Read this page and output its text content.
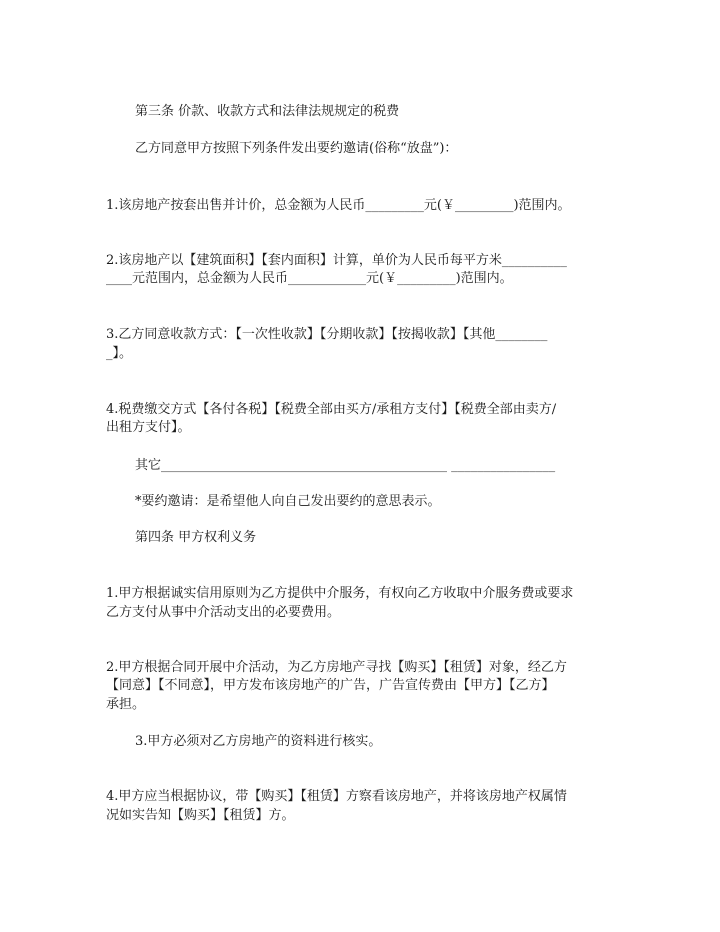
第三条 价款、收款方式和法律法规规定的税费

乙方同意甲方按照下列条件发出要约邀请(俗称“放盘”)：

1.该房地产按套出售并计价，总金额为人民币_________元(￥_________)范围内。

2.该房地产以【建筑面积】【套内面积】计算，单价为人民币每平方米__________

____元范围内，总金额为人民币____________元(￥_________)范围内。

3.乙方同意收款方式：【一次性收款】【分期收款】【按揭收款】【其他________

_】。

4.税费缴交方式【各付各税】【税费全部由买方/承租方支付】【税费全部由卖方/

出租方支付】。

其它____________________________________________ ________________

*要约邀请：是希望他人向自己发出要约的意思表示。

第四条 甲方权利义务

1.甲方根据诚实信用原则为乙方提供中介服务，有权向乙方收取中介服务费或要求

乙方支付从事中介活动支出的必要费用。

2.甲方根据合同开展中介活动，为乙方房地产寻找【购买】【租赁】对象，经乙方

【同意】【不同意】，甲方发布该房地产的广告，广告宣传费由【甲方】【乙方】

承担。

3.甲方必须对乙方房地产的资料进行核实。

4.甲方应当根据协议，带【购买】【租赁】方察看该房地产，并将该房地产权属情

况如实告知【购买】【租赁】方。
